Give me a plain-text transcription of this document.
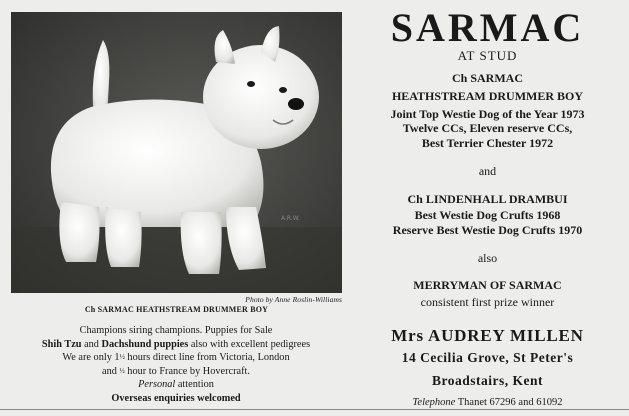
A.R.W.
Photo by Anne Roslin-Williams
Ch SARMAC HEATHSTREAM DRUMMER BOY
Champions siring champions. Puppies for Sale
Shih Tzu and Dachshund puppies also with excellent pedigrees
We are only 1½ hours direct line from Victoria, London
and ½ hour to France by Hovercraft.
Personal attention
Overseas enquiries welcomed
SARMAC
AT STUD
Ch SARMAC
HEATHSTREAM DRUMMER BOY
Joint Top Westie Dog of the Year 1973
Twelve CCs, Eleven reserve CCs,
Best Terrier Chester 1972
and
Ch LINDENHALL DRAMBUI
Best Westie Dog Crufts 1968
Reserve Best Westie Dog Crufts 1970
also
MERRYMAN OF SARMAC
consistent first prize winner
Mrs AUDREY MILLEN
14 Cecilia Grove, St Peter's
Broadstairs, Kent
Telephone Thanet 67296 and 61092
